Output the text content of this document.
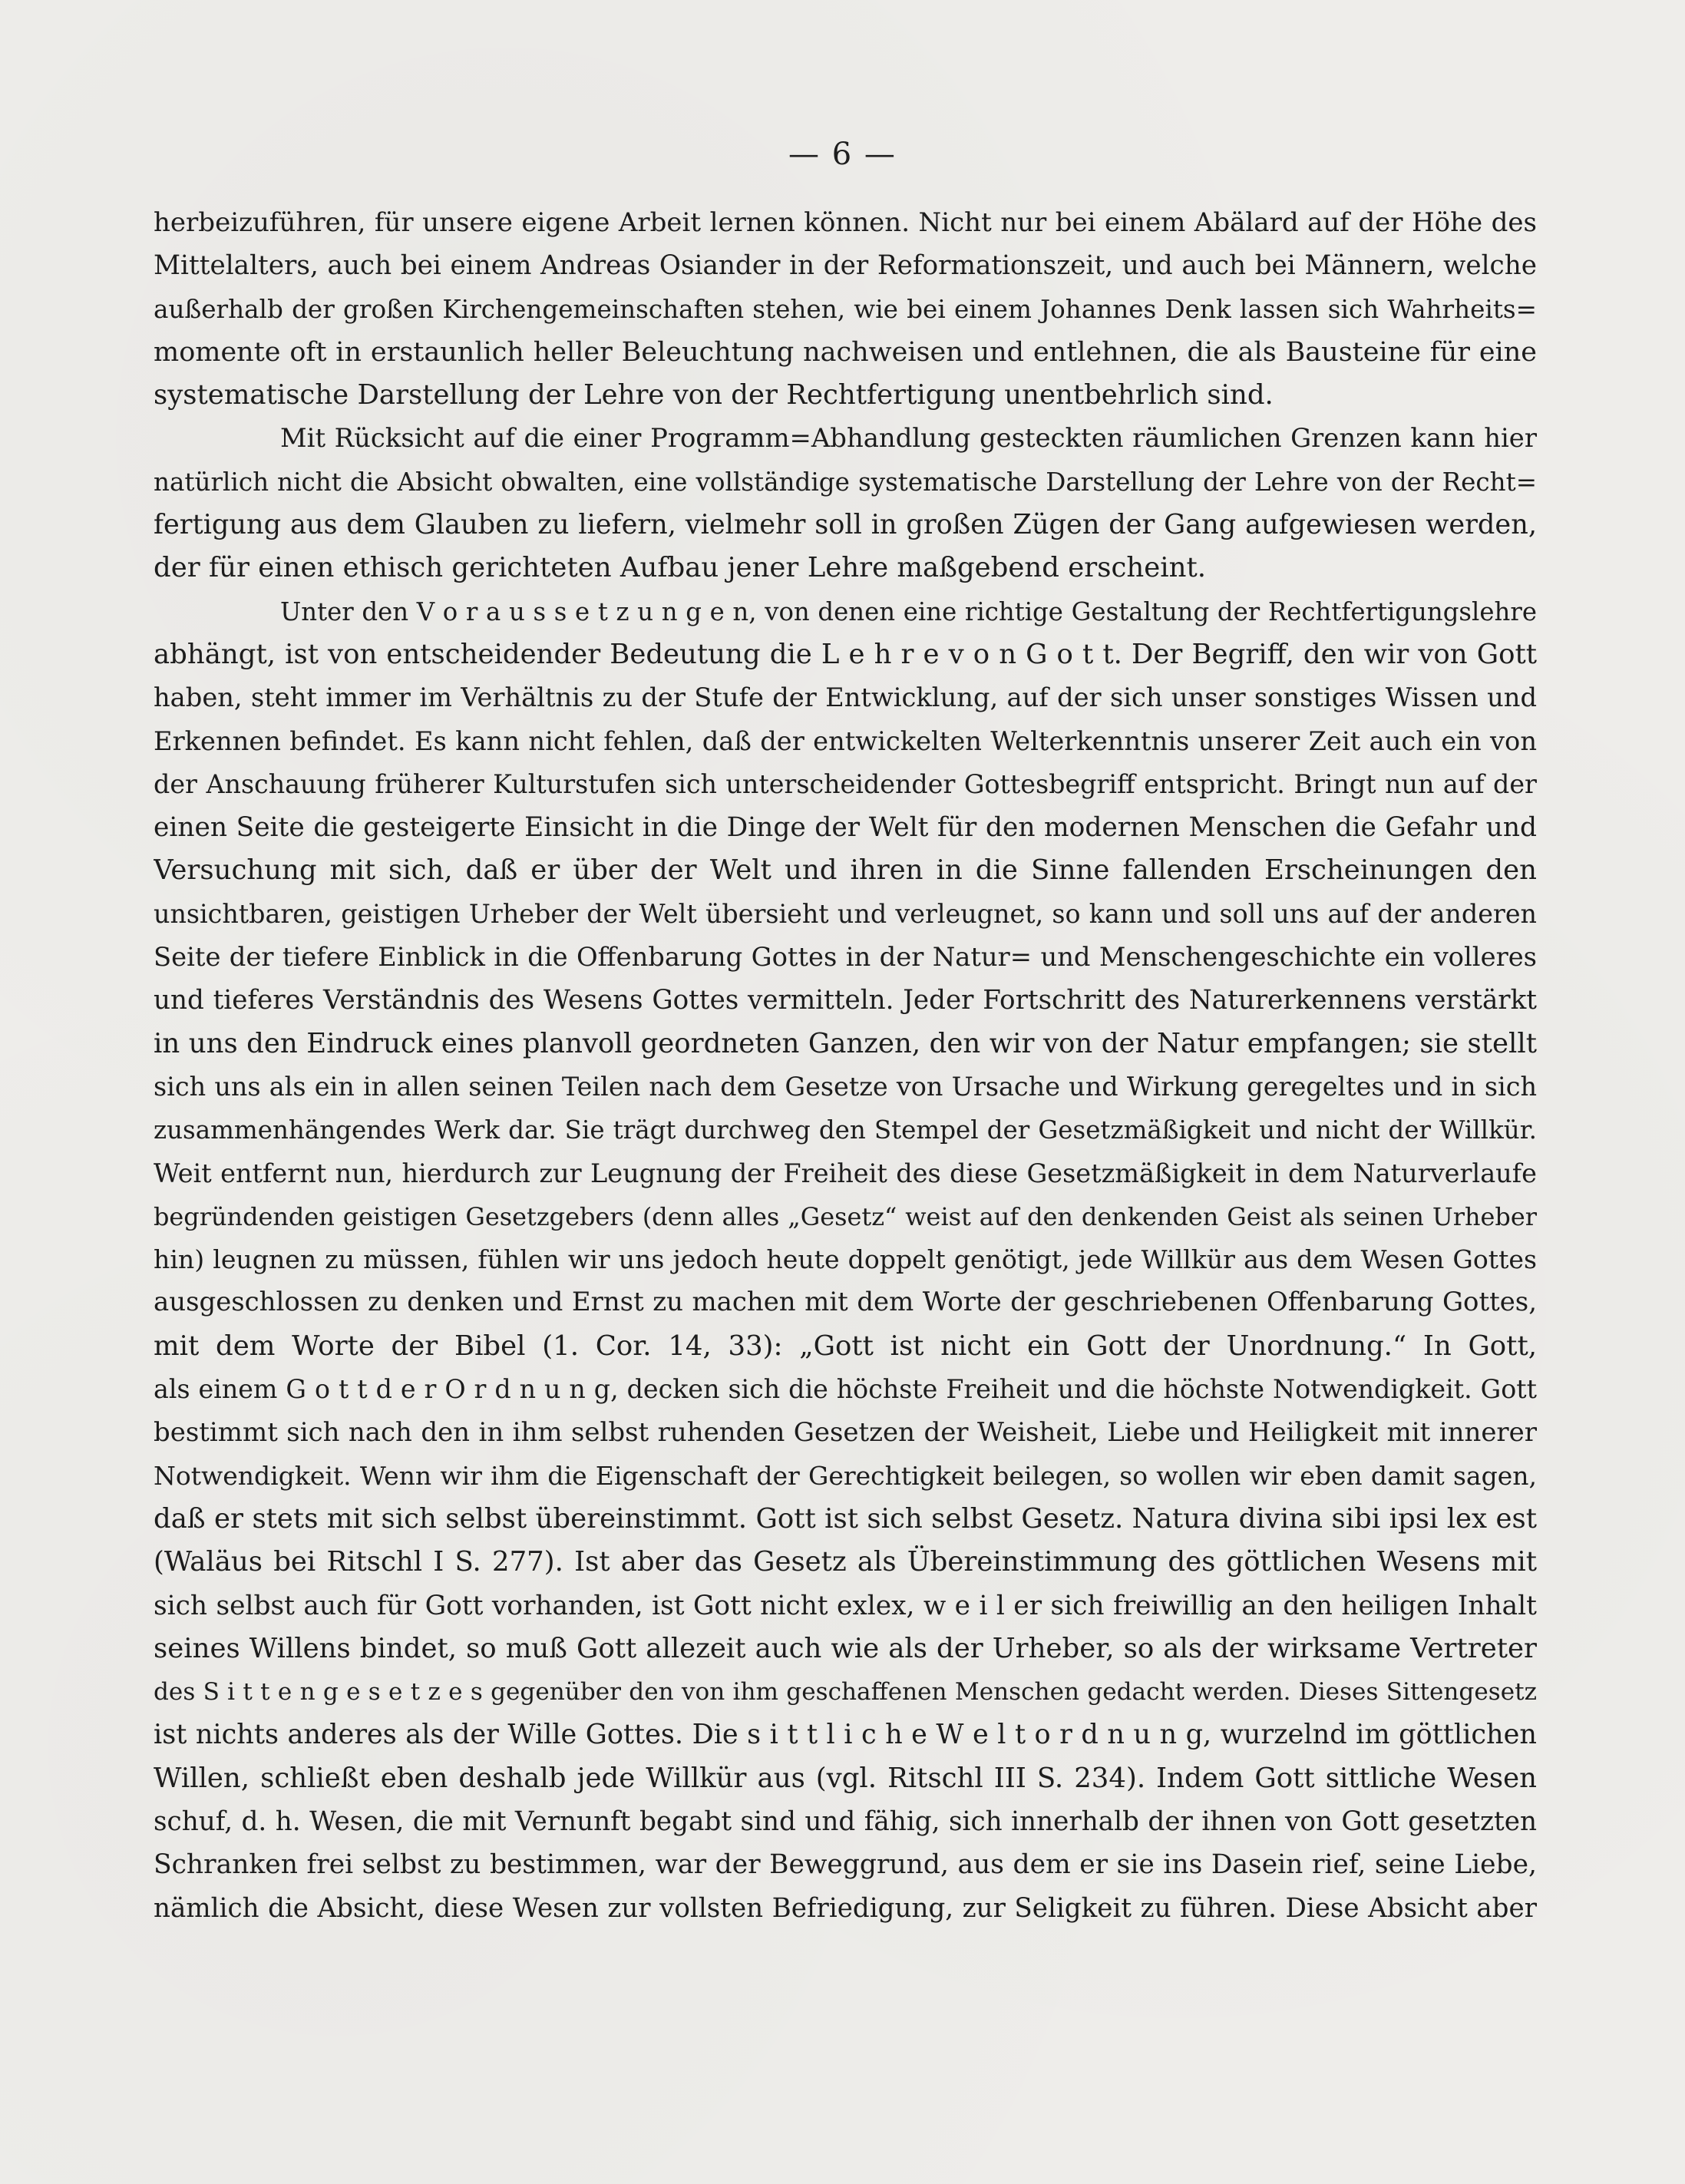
— 6 —
herbeizuführen, für unsere eigene Arbeit lernen können. Nicht nur bei einem Abälard auf der Höhe des
Mittelalters, auch bei einem Andreas Osiander in der Reformationszeit, und auch bei Männern, welche
außerhalb der großen Kirchengemeinschaften stehen, wie bei einem Johannes Denk lassen sich Wahrheits=
momente oft in erstaunlich heller Beleuchtung nachweisen und entlehnen, die als Bausteine für eine
systematische Darstellung der Lehre von der Rechtfertigung unentbehrlich sind.
Mit Rücksicht auf die einer Programm=Abhandlung gesteckten räumlichen Grenzen kann hier
natürlich nicht die Absicht obwalten, eine vollständige systematische Darstellung der Lehre von der Recht=
fertigung aus dem Glauben zu liefern, vielmehr soll in großen Zügen der Gang aufgewiesen werden,
der für einen ethisch gerichteten Aufbau jener Lehre maßgebend erscheint.
Unter den V o r a u s s e t z u n g e n, von denen eine richtige Gestaltung der Rechtfertigungslehre
abhängt, ist von entscheidender Bedeutung die L e h r e v o n G o t t. Der Begriff, den wir von Gott
haben, steht immer im Verhältnis zu der Stufe der Entwicklung, auf der sich unser sonstiges Wissen und
Erkennen befindet. Es kann nicht fehlen, daß der entwickelten Welterkenntnis unserer Zeit auch ein von
der Anschauung früherer Kulturstufen sich unterscheidender Gottesbegriff entspricht. Bringt nun auf der
einen Seite die gesteigerte Einsicht in die Dinge der Welt für den modernen Menschen die Gefahr und
Versuchung mit sich, daß er über der Welt und ihren in die Sinne fallenden Erscheinungen den
unsichtbaren, geistigen Urheber der Welt übersieht und verleugnet, so kann und soll uns auf der anderen
Seite der tiefere Einblick in die Offenbarung Gottes in der Natur= und Menschengeschichte ein volleres
und tieferes Verständnis des Wesens Gottes vermitteln. Jeder Fortschritt des Naturerkennens verstärkt
in uns den Eindruck eines planvoll geordneten Ganzen, den wir von der Natur empfangen; sie stellt
sich uns als ein in allen seinen Teilen nach dem Gesetze von Ursache und Wirkung geregeltes und in sich
zusammenhängendes Werk dar. Sie trägt durchweg den Stempel der Gesetzmäßigkeit und nicht der Willkür.
Weit entfernt nun, hierdurch zur Leugnung der Freiheit des diese Gesetzmäßigkeit in dem Naturverlaufe
begründenden geistigen Gesetzgebers (denn alles „Gesetz“ weist auf den denkenden Geist als seinen Urheber
hin) leugnen zu müssen, fühlen wir uns jedoch heute doppelt genötigt, jede Willkür aus dem Wesen Gottes
ausgeschlossen zu denken und Ernst zu machen mit dem Worte der geschriebenen Offenbarung Gottes,
mit dem Worte der Bibel (1. Cor. 14, 33): „Gott ist nicht ein Gott der Unordnung.“ In Gott,
als einem G o t t d e r O r d n u n g, decken sich die höchste Freiheit und die höchste Notwendigkeit. Gott
bestimmt sich nach den in ihm selbst ruhenden Gesetzen der Weisheit, Liebe und Heiligkeit mit innerer
Notwendigkeit. Wenn wir ihm die Eigenschaft der Gerechtigkeit beilegen, so wollen wir eben damit sagen,
daß er stets mit sich selbst übereinstimmt. Gott ist sich selbst Gesetz. Natura divina sibi ipsi lex est
(Waläus bei Ritschl I S. 277). Ist aber das Gesetz als Übereinstimmung des göttlichen Wesens mit
sich selbst auch für Gott vorhanden, ist Gott nicht exlex, w e i l er sich freiwillig an den heiligen Inhalt
seines Willens bindet, so muß Gott allezeit auch wie als der Urheber, so als der wirksame Vertreter
des S i t t e n g e s e t z e s gegenüber den von ihm geschaffenen Menschen gedacht werden. Dieses Sittengesetz
ist nichts anderes als der Wille Gottes. Die s i t t l i c h e W e l t o r d n u n g, wurzelnd im göttlichen
Willen, schließt eben deshalb jede Willkür aus (vgl. Ritschl III S. 234). Indem Gott sittliche Wesen
schuf, d. h. Wesen, die mit Vernunft begabt sind und fähig, sich innerhalb der ihnen von Gott gesetzten
Schranken frei selbst zu bestimmen, war der Beweggrund, aus dem er sie ins Dasein rief, seine Liebe,
nämlich die Absicht, diese Wesen zur vollsten Befriedigung, zur Seligkeit zu führen. Diese Absicht aber
